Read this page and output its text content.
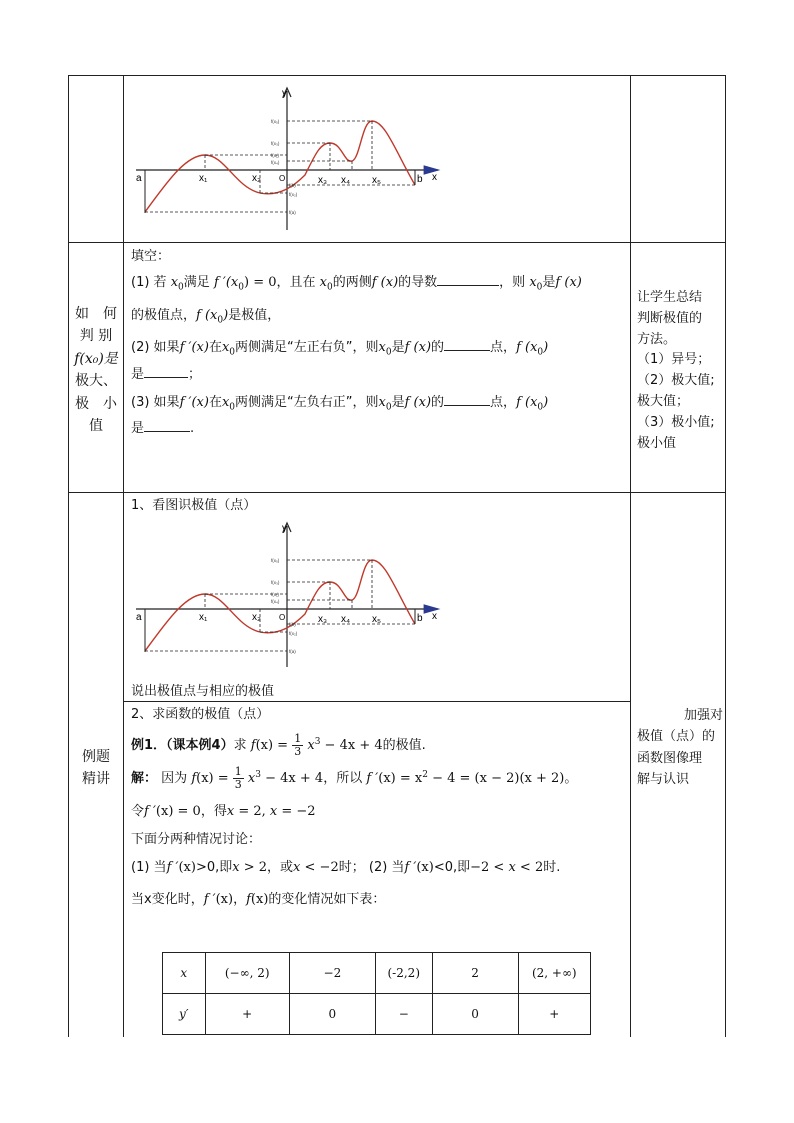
y
x
a	b
O
x₁	x₂	x₃ x₄ x₅
f(x₅)
f(x₃)
f(x₁)
f(x₄)
f(b)
f(x₂)
f(a)
如　何
判 别
f(x₀)是
极大、
极　小
值
填空：
(1) 若 $x_0$满足 f $'(x_0) = 0$，且在 $x_0$的两侧f (x)的导数	，则 $x_0$是f (x)
的极值点，f $(x_0)$是极值，
(2) 如果f ′(x)在$x_0$两侧满足“左正右负”，则$x_0$是f (x)的	点，f $(x_0)$
是	；
(3) 如果f ′(x)在$x_0$两侧满足“左负右正”，则$x_0$是f (x)的	点，f $(x_0)$
是	.
让学生总结
判断极值的
方法。
（1）异号；
（2）极大值;
极大值；
（3）极小值;
极小值
例题
精讲
1、看图识极值（点）
y
x
a	b
O
x₁	x₂	x₃ x₄ x₅
f(x₅)
f(x₃)
f(x₁)
f(x₄)
f(b)
f(x₂)
f(a)
说出极值点与相应的极值
2、求函数的极值（点）
例1．（课本例4）求 $f(x) = \frac{1}{3} x^3 - 4x + 4$的极值.
解： 因为 $f(x) = \frac{1}{3} x^3 - 4x + 4$，所以 f $'(x) = x^2 - 4 = (x - 2)(x + 2)$。
令f ′(x) = 0，得x = 2, x = −2
下面分两种情况讨论：
(1) 当f ′(x)>0,即x > 2，或x < −2时； (2) 当f ′(x)<0,即−2 < x < 2时.
当x变化时，f ′(x)，f(x)的变化情况如下表：
x	(−∞, 2)	−2	(-2,2)	2	(2, +∞)
y′	+	0	−	0	+
加强对
极值（点）的
函数图像理
解与认识
